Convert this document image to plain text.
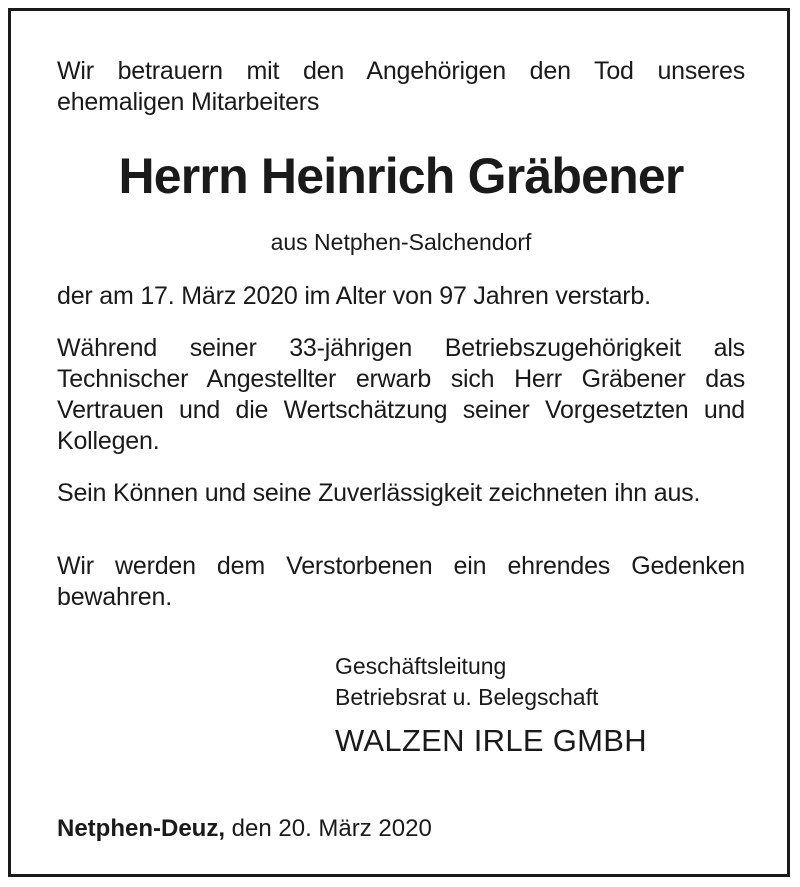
Wir betrauern mit den Angehörigen den Tod unseres ehemaligen Mitarbeiters

Herrn Heinrich Gräbener

aus Netphen-Salchendorf

der am 17. März 2020 im Alter von 97 Jahren verstarb.

Während seiner 33-jährigen Betriebszugehörigkeit als Technischer Angestellter erwarb sich Herr Gräbener das Vertrauen und die Wertschätzung seiner Vorgesetzten und Kollegen.

Sein Können und seine Zuverlässigkeit zeichneten ihn aus.

Wir werden dem Verstorbenen ein ehrendes Gedenken bewahren.

Geschäftsleitung

Betriebsrat u. Belegschaft

WALZEN IRLE GMBH

Netphen-Deuz, den 20. März 2020
